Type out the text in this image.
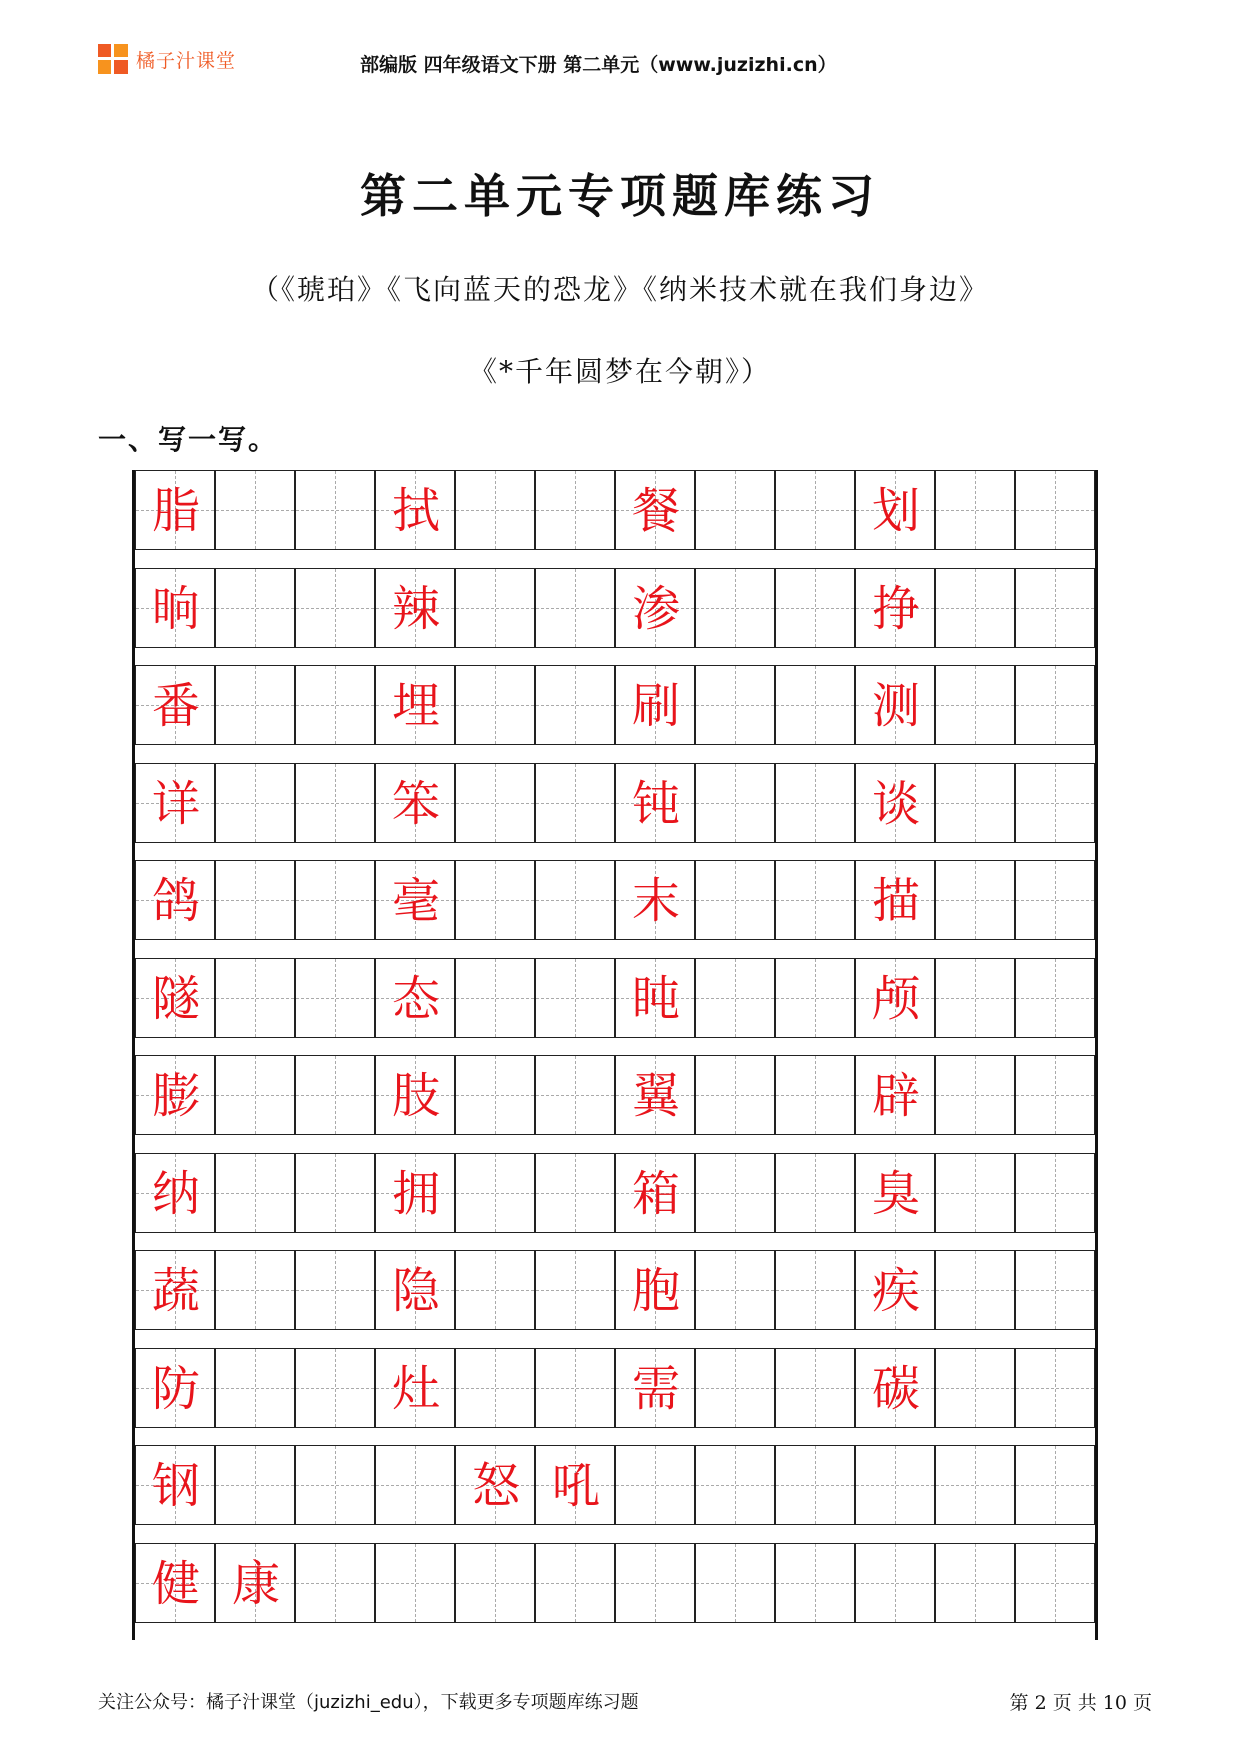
橘子汁课堂	部编版 四年级语文下册 第二单元（www.juzizhi.cn）
第二单元专项题库练习
（《琥珀》《飞向蓝天的恐龙》《纳米技术就在我们身边》
《*千年圆梦在今朝》）
一、写一写。
脂	拭	餐	划
晌	辣	渗	挣
番	埋	刷	测
详	笨	钝	谈
鸽	毫	末	描
隧	态	盹	颅
膨	肢	翼	辟
纳	拥	箱	臭
蔬	隐	胞	疾
防	灶	需	碳
钢	怒 吼
健 康
关注公众号：橘子汁课堂（juzizhi_edu），下载更多专项题库练习题	第 2 页 共 10 页
